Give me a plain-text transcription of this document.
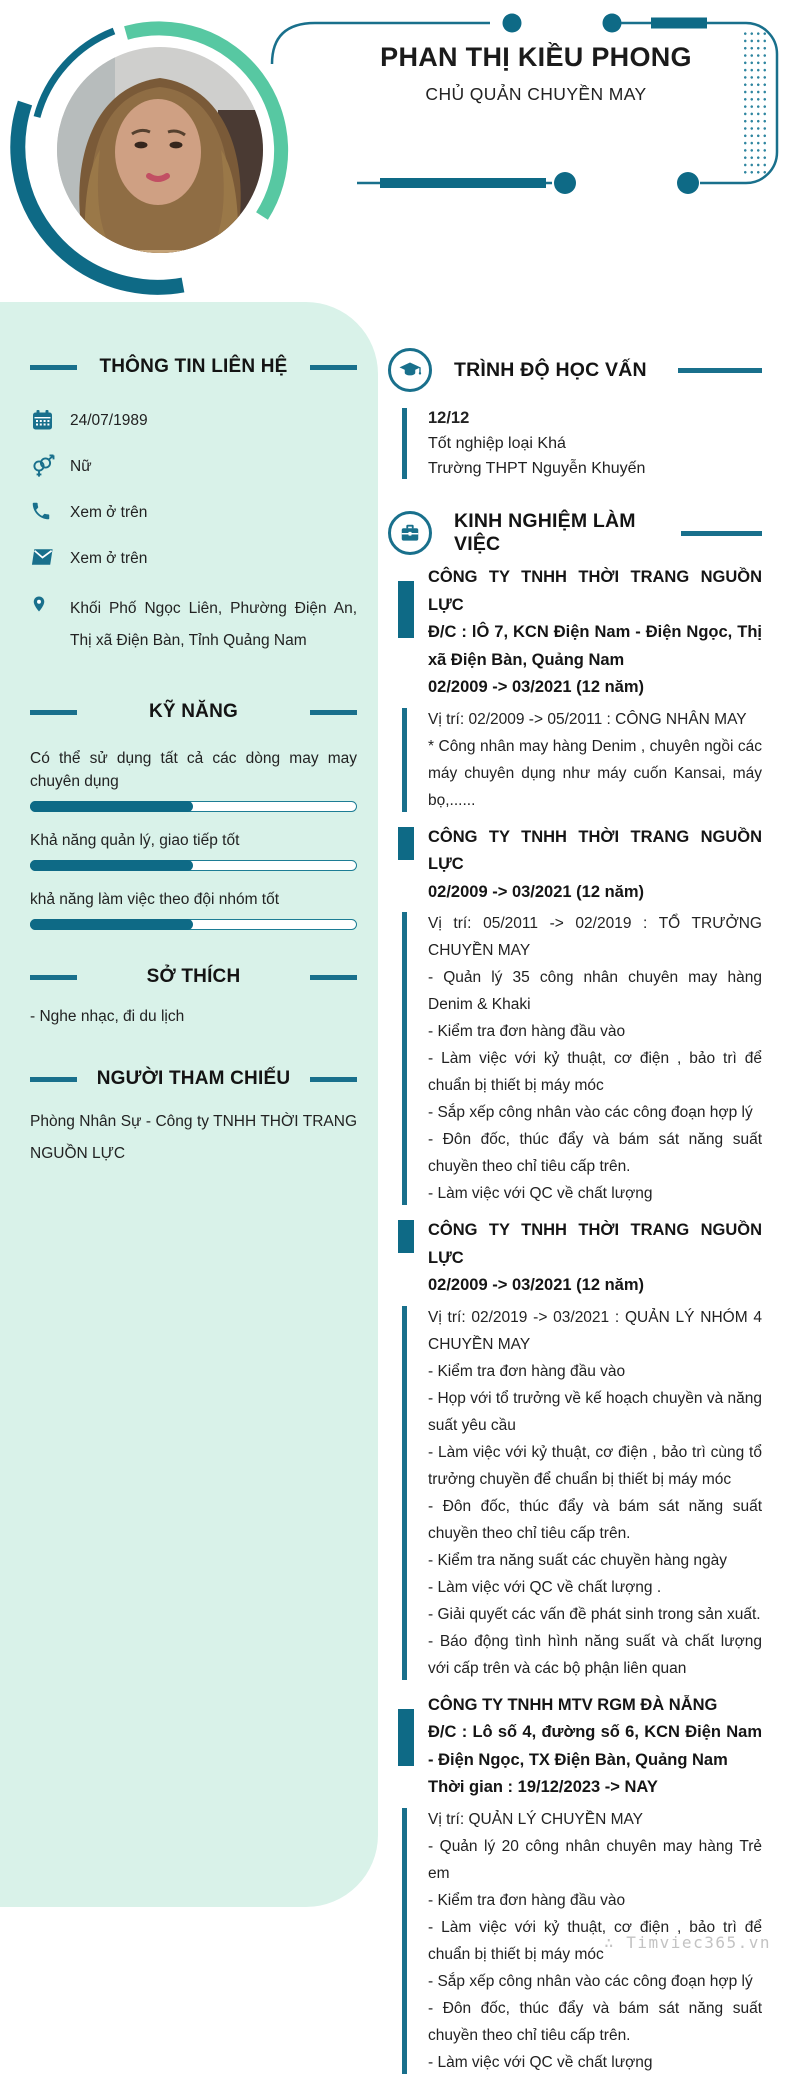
PHAN THỊ KIỀU PHONG
CHỦ QUẢN CHUYỀN MAY
THÔNG TIN LIÊN HỆ
24/07/1989
Nữ
Xem ở trên
Xem ở trên
Khối Phố Ngọc Liên, Phường Điện An, Thị xã Điện Bàn, Tỉnh Quảng Nam
KỸ NĂNG
Có thể sử dụng tất cả các dòng may may chuyên dụng
Khả năng quản lý, giao tiếp tốt
khả năng làm việc theo đội nhóm tốt
SỞ THÍCH
- Nghe nhạc, đi du lịch
NGƯỜI THAM CHIẾU
Phòng Nhân Sự - Công ty TNHH THỜI TRANG NGUỒN LỰC
TRÌNH ĐỘ HỌC VẤN
12/12
Tốt nghiệp loại Khá
Trường THPT Nguyễn Khuyến
KINH NGHIỆM LÀM VIỆC
CÔNG TY TNHH THỜI TRANG NGUỒN LỰC
Đ/C : lÔ 7, KCN Điện Nam - Điện Ngọc, Thị xã Điện Bàn, Quảng Nam
02/2009 -> 03/2021 (12 năm)
Vị trí: 02/2009 -> 05/2011 : CÔNG NHÂN MAY
* Công nhân may hàng Denim , chuyên ngồi các máy chuyên dụng như máy cuốn Kansai, máy bọ,......
CÔNG TY TNHH THỜI TRANG NGUỒN LỰC
02/2009 -> 03/2021 (12 năm)
Vị trí: 05/2011 -> 02/2019 : TỔ TRƯỞNG CHUYỀN MAY
- Quản lý 35 công nhân chuyên may hàng Denim & Khaki
- Kiểm tra đơn hàng đầu vào
- Làm việc với kỷ thuật, cơ điện , bảo trì để chuẩn bị thiết bị máy móc
- Sắp xếp công nhân vào các công đoạn hợp lý
- Đôn đốc, thúc đẩy và bám sát năng suất chuyền theo chỉ tiêu cấp trên.
- Làm việc với QC về chất lượng
CÔNG TY TNHH THỜI TRANG NGUỒN LỰC
02/2009 -> 03/2021 (12 năm)
Vị trí: 02/2019 -> 03/2021 : QUẢN LÝ NHÓM 4 CHUYỀN MAY
- Kiểm tra đơn hàng đầu vào
- Họp với tổ trưởng về kế hoạch chuyền và năng suất yêu cầu
- Làm việc với kỷ thuật, cơ điện , bảo trì cùng tổ trưởng chuyền để chuẩn bị thiết bị máy móc
- Đôn đốc, thúc đẩy và bám sát năng suất chuyền theo chỉ tiêu cấp trên.
- Kiểm tra năng suất các chuyền hàng ngày
- Làm việc với QC về chất lượng .
- Giải quyết các vấn đề phát sinh trong sản xuất.
- Báo động tình hình năng suất và chất lượng với cấp trên và các bộ phận liên quan
CÔNG TY TNHH MTV RGM ĐÀ NẴNG
Đ/C : Lô số 4, đường số 6, KCN Điện Nam - Điện Ngọc, TX Điện Bàn, Quảng Nam
Thời gian : 19/12/2023 -> NAY
Vị trí: QUẢN LÝ CHUYỀN MAY
- Quản lý 20 công nhân chuyên may hàng Trẻ em
- Kiểm tra đơn hàng đầu vào
- Làm việc với kỷ thuật, cơ điện , bảo trì để chuẩn bị thiết bị máy móc
- Sắp xếp công nhân vào các công đoạn hợp lý
- Đôn đốc, thúc đẩy và bám sát năng suất chuyền theo chỉ tiêu cấp trên.
- Làm việc với QC về chất lượng
∴ Timviec365.vn
